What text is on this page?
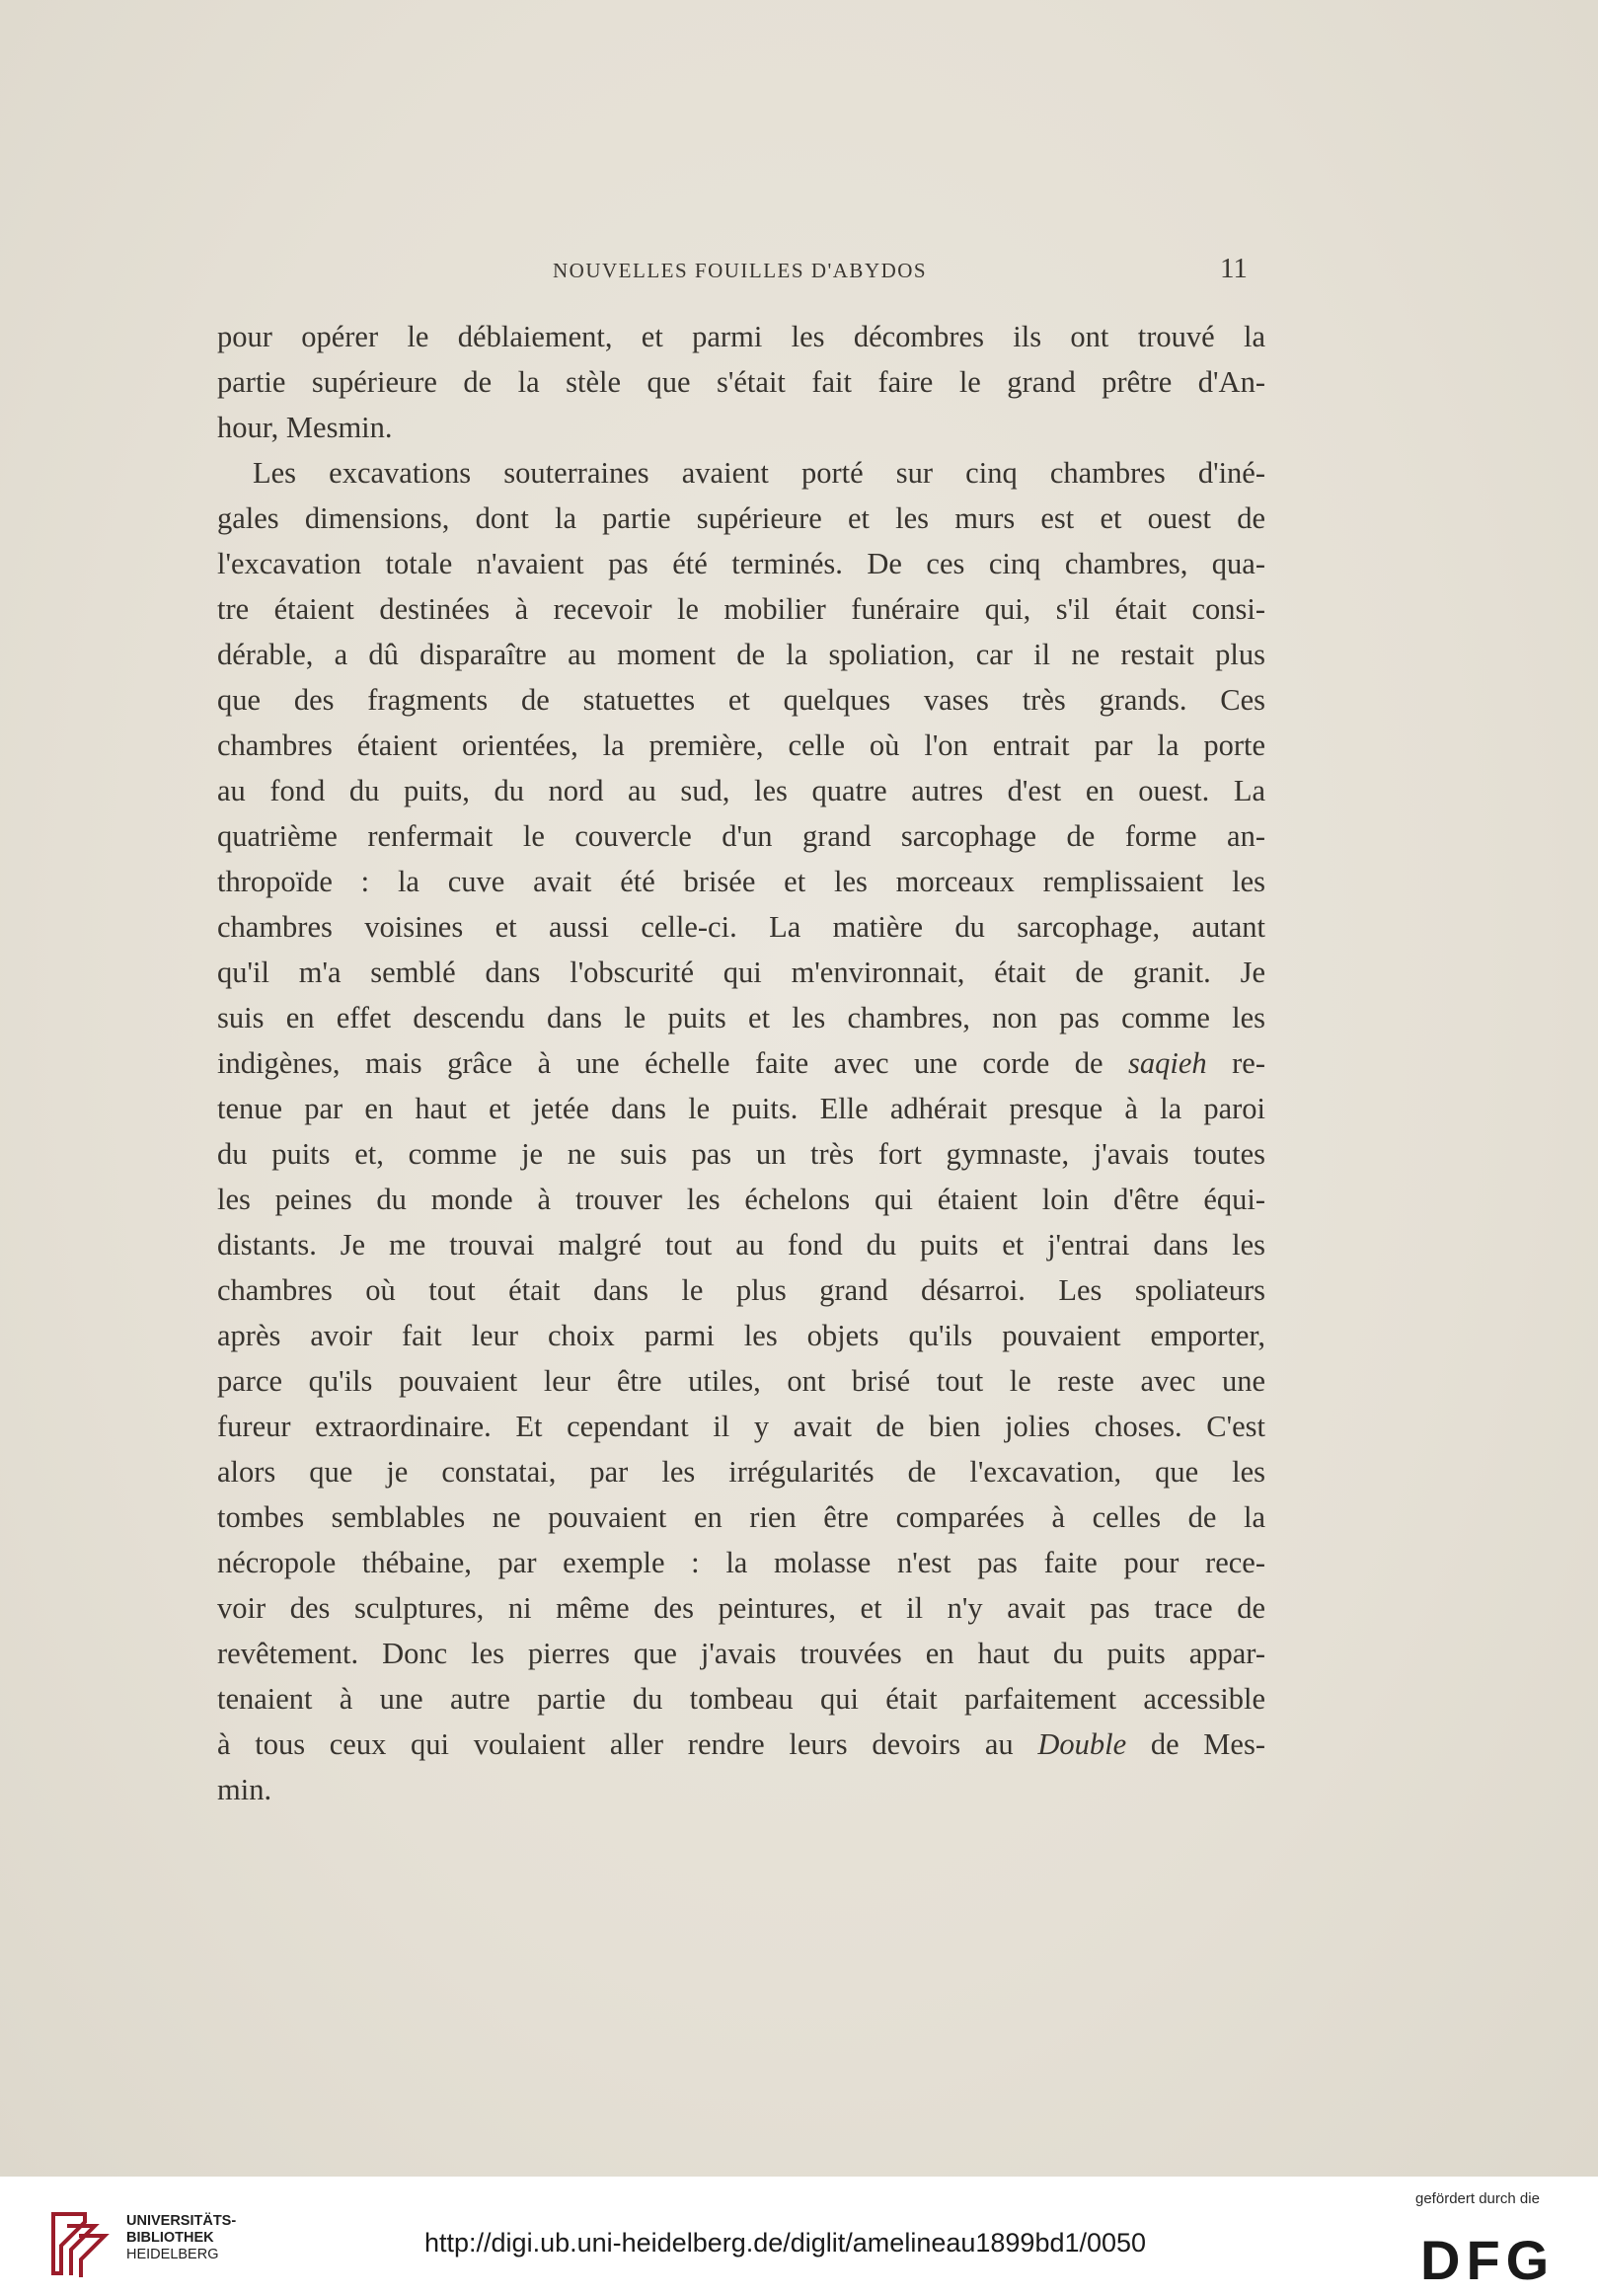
NOUVELLES FOUILLES D'ABYDOS	11
pour opérer le déblaiement, et parmi les décombres ils ont trouvé la
partie supérieure de la stèle que s'était fait faire le grand prêtre d'An-
hour, Mesmin.
Les excavations souterraines avaient porté sur cinq chambres d'iné-
gales dimensions, dont la partie supérieure et les murs est et ouest de
l'excavation totale n'avaient pas été terminés. De ces cinq chambres, qua-
tre étaient destinées à recevoir le mobilier funéraire qui, s'il était consi-
dérable, a dû disparaître au moment de la spoliation, car il ne restait plus
que des fragments de statuettes et quelques vases très grands. Ces
chambres étaient orientées, la première, celle où l'on entrait par la porte
au fond du puits, du nord au sud, les quatre autres d'est en ouest. La
quatrième renfermait le couvercle d'un grand sarcophage de forme an-
thropoïde : la cuve avait été brisée et les morceaux remplissaient les
chambres voisines et aussi celle-ci. La matière du sarcophage, autant
qu'il m'a semblé dans l'obscurité qui m'environnait, était de granit. Je
suis en effet descendu dans le puits et les chambres, non pas comme les
indigènes, mais grâce à une échelle faite avec une corde de saqieh re-
tenue par en haut et jetée dans le puits. Elle adhérait presque à la paroi
du puits et, comme je ne suis pas un très fort gymnaste, j'avais toutes
les peines du monde à trouver les échelons qui étaient loin d'être équi-
distants. Je me trouvai malgré tout au fond du puits et j'entrai dans les
chambres où tout était dans le plus grand désarroi. Les spoliateurs
après avoir fait leur choix parmi les objets qu'ils pouvaient emporter,
parce qu'ils pouvaient leur être utiles, ont brisé tout le reste avec une
fureur extraordinaire. Et cependant il y avait de bien jolies choses. C'est
alors que je constatai, par les irrégularités de l'excavation, que les
tombes semblables ne pouvaient en rien être comparées à celles de la
nécropole thébaine, par exemple : la molasse n'est pas faite pour rece-
voir des sculptures, ni même des peintures, et il n'y avait pas trace de
revêtement. Donc les pierres que j'avais trouvées en haut du puits appar-
tenaient à une autre partie du tombeau qui était parfaitement accessible
à tous ceux qui voulaient aller rendre leurs devoirs au Double de Mes-
min.
UNIVERSITÄTS-
BIBLIOTHEK
HEIDELBERG	http://digi.ub.uni-heidelberg.de/diglit/amelineau1899bd1/0050
gefördert durch die
DFG
